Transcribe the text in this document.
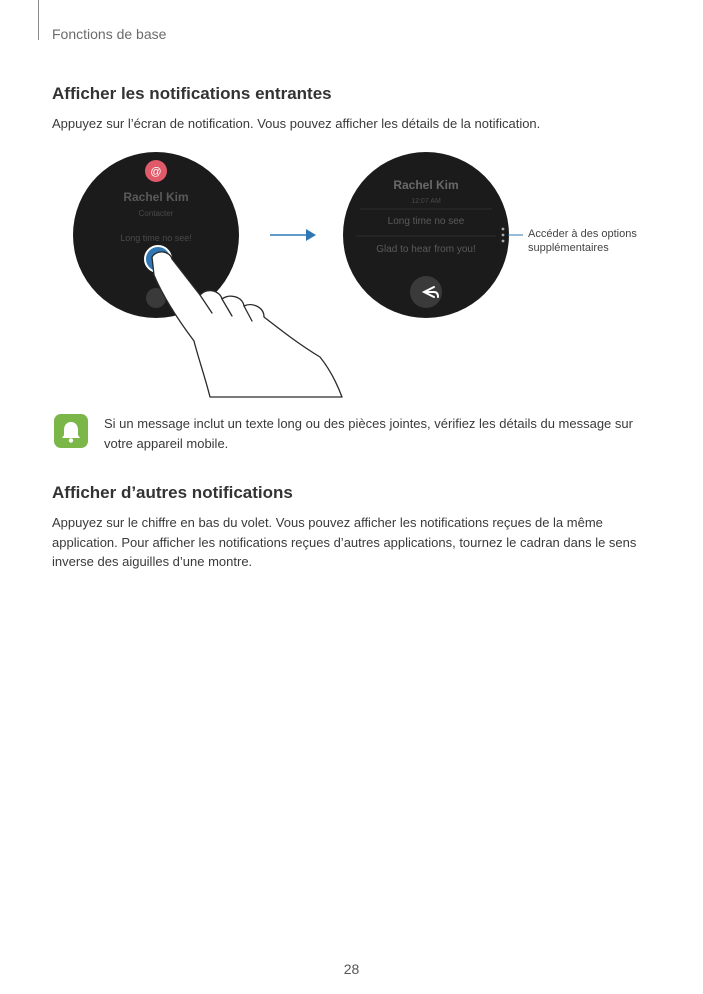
Fonctions de base
Afficher les notifications entrantes

Appuyez sur l’écran de notification. Vous pouvez afficher les détails de la notification.

@
Rachel Kim
Contacter
Long time no see!
Rachel Kim
12:07 AM
Long time no see
Glad to hear from you!
Accéder à des options supplémentaires

Si un message inclut un texte long ou des pièces jointes, vérifiez les détails du message sur votre appareil mobile.

Afficher d’autres notifications

Appuyez sur le chiffre en bas du volet. Vous pouvez afficher les notifications reçues de la même application. Pour afficher les notifications reçues d’autres applications, tournez le cadran dans le sens inverse des aiguilles d’une montre.

28
